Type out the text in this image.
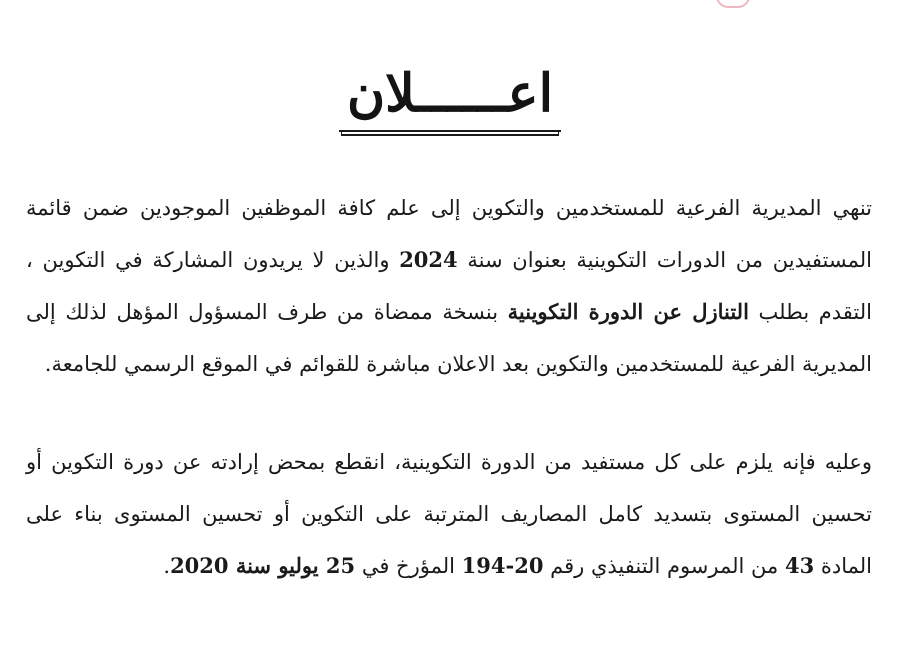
اعــــــلان

تنهي المديرية الفرعية للمستخدمين والتكوين إلى علم كافة الموظفين الموجودين ضمن قائمة المستفيدين من الدورات التكوينية بعنوان سنة 2024 والذين لا يريدون المشاركة في التكوين ، التقدم بطلب التنازل عن الدورة التكوينية بنسخة ممضاة من طرف المسؤول المؤهل لذلك إلى المديرية الفرعية للمستخدمين والتكوين بعد الاعلان مباشرة للقوائم في الموقع الرسمي للجامعة.

وعليه فإنه يلزم على كل مستفيد من الدورة التكوينية، انقطع بمحض إرادته عن دورة التكوين أو تحسين المستوى بتسديد كامل المصاريف المترتبة على التكوين أو تحسين المستوى بناء على المادة 43 من المرسوم التنفيذي رقم 20-194 المؤرخ في 25 يوليو سنة 2020.
